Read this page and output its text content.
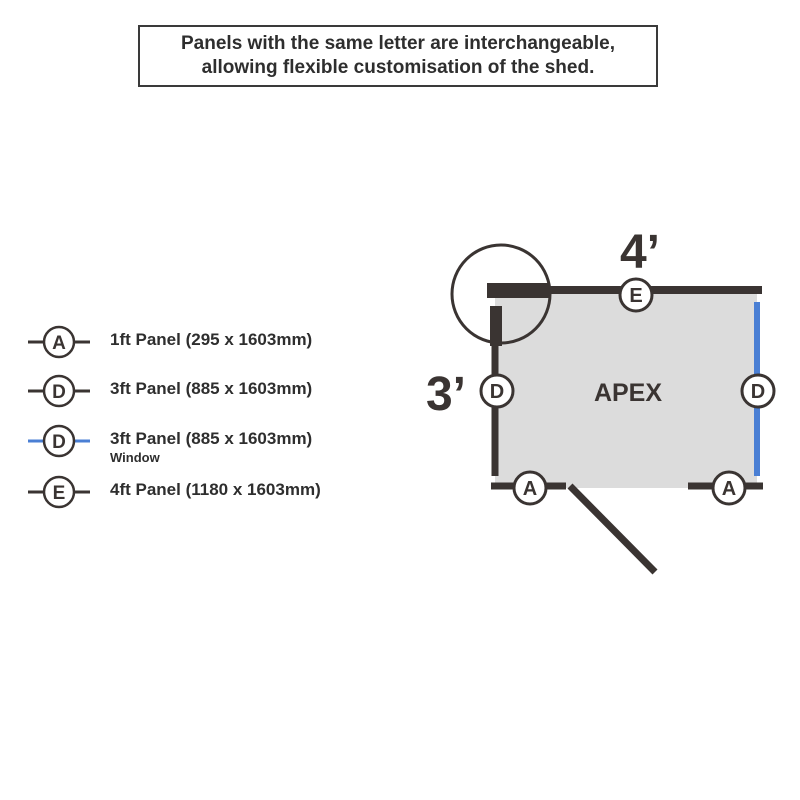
Panels with the same letter are interchangeable,
allowing flexible customisation of the shed.
A	1ft Panel (295 x 1603mm)
D	3ft Panel (885 x 1603mm)
D	3ft Panel (885 x 1603mm)
Window
E	4ft Panel (1180 x 1603mm)
4’
3’	APEX
E
D	D
A	A
